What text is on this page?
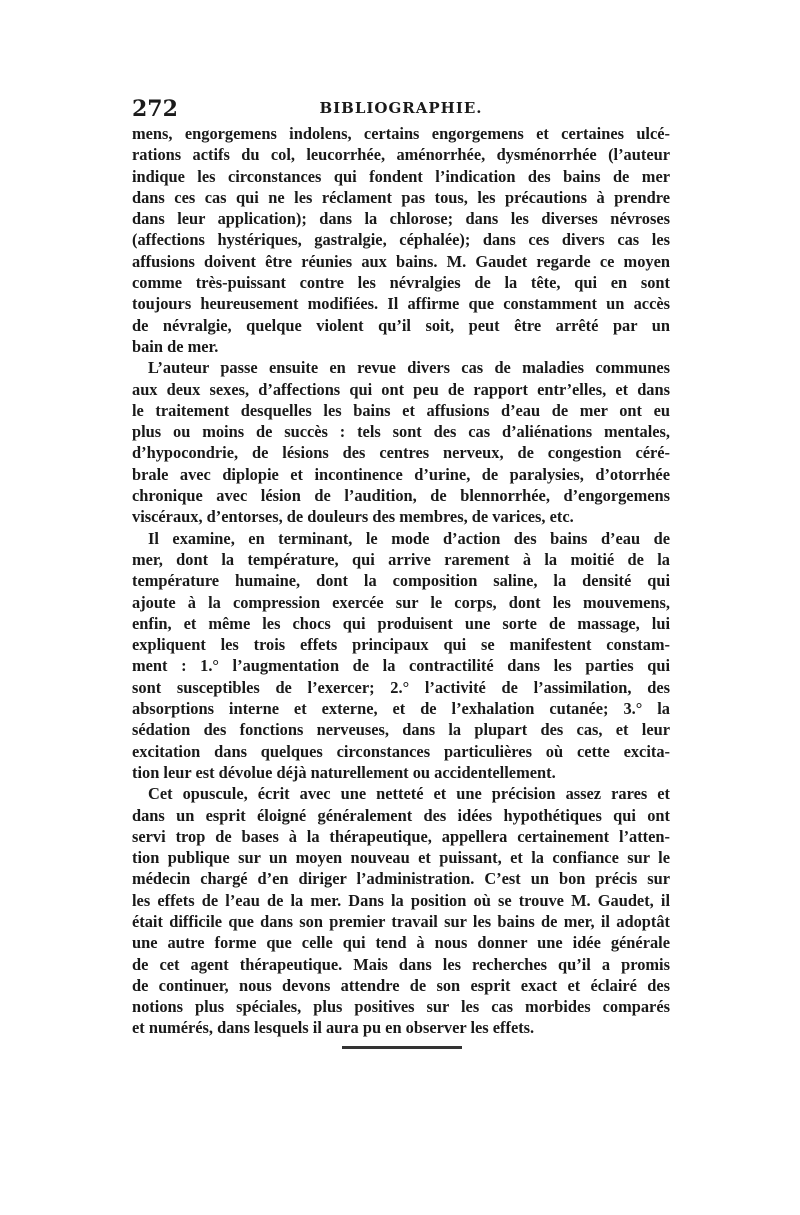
272	BIBLIOGRAPHIE.
mens, engorgemens indolens, certains engorgemens et certaines ulcé-
rations actifs du col, leucorrhée, aménorrhée, dysménorrhée (l’auteur
indique les circonstances qui fondent l’indication des bains de mer
dans ces cas qui ne les réclament pas tous, les précautions à prendre
dans leur application); dans la chlorose; dans les diverses névroses
(affections hystériques, gastralgie, céphalée); dans ces divers cas les
affusions doivent être réunies aux bains. M. Gaudet regarde ce moyen
comme très-puissant contre les névralgies de la tête, qui en sont
toujours heureusement modifiées. Il affirme que constamment un accès
de névralgie, quelque violent qu’il soit, peut être arrêté par un
bain de mer.
L’auteur passe ensuite en revue divers cas de maladies communes
aux deux sexes, d’affections qui ont peu de rapport entr’elles, et dans
le traitement desquelles les bains et affusions d’eau de mer ont eu
plus ou moins de succès : tels sont des cas d’aliénations mentales,
d’hypocondrie, de lésions des centres nerveux, de congestion céré-
brale avec diplopie et incontinence d’urine, de paralysies, d’otorrhée
chronique avec lésion de l’audition, de blennorrhée, d’engorgemens
viscéraux, d’entorses, de douleurs des membres, de varices, etc.
Il examine, en terminant, le mode d’action des bains d’eau de
mer, dont la température, qui arrive rarement à la moitié de la
température humaine, dont la composition saline, la densité qui
ajoute à la compression exercée sur le corps, dont les mouvemens,
enfin, et même les chocs qui produisent une sorte de massage, lui
expliquent les trois effets principaux qui se manifestent constam-
ment : 1.° l’augmentation de la contractilité dans les parties qui
sont susceptibles de l’exercer; 2.° l’activité de l’assimilation, des
absorptions interne et externe, et de l’exhalation cutanée; 3.° la
sédation des fonctions nerveuses, dans la plupart des cas, et leur
excitation dans quelques circonstances particulières où cette excita-
tion leur est dévolue déjà naturellement ou accidentellement.
Cet opuscule, écrit avec une netteté et une précision assez rares et
dans un esprit éloigné généralement des idées hypothétiques qui ont
servi trop de bases à la thérapeutique, appellera certainement l’atten-
tion publique sur un moyen nouveau et puissant, et la confiance sur le
médecin chargé d’en diriger l’administration. C’est un bon précis sur
les effets de l’eau de la mer. Dans la position où se trouve M. Gaudet, il
était difficile que dans son premier travail sur les bains de mer, il adoptât
une autre forme que celle qui tend à nous donner une idée générale
de cet agent thérapeutique. Mais dans les recherches qu’il a promis
de continuer, nous devons attendre de son esprit exact et éclairé des
notions plus spéciales, plus positives sur les cas morbides comparés
et numérés, dans lesquels il aura pu en observer les effets.
